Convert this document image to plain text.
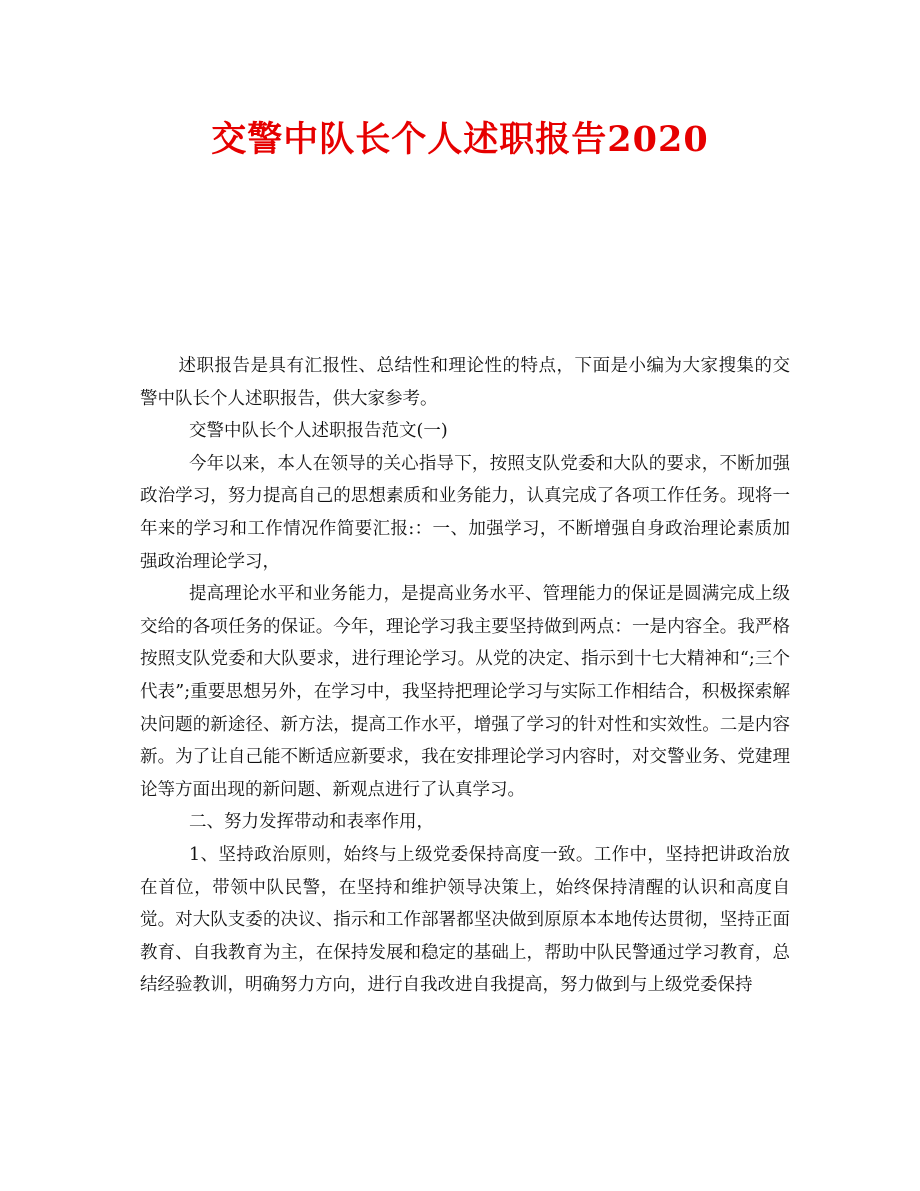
交警中队长个人述职报告2020

述职报告是具有汇报性、总结性和理论性的特点，下面是小编为大家搜集的交警中队长个人述职报告，供大家参考。

交警中队长个人述职报告范文(一)

今年以来，本人在领导的关心指导下，按照支队党委和大队的要求，不断加强政治学习，努力提高自己的思想素质和业务能力，认真完成了各项工作任务。现将一年来的学习和工作情况作简要汇报:：一、加强学习，不断增强自身政治理论素质加强政治理论学习，

提高理论水平和业务能力，是提高业务水平、管理能力的保证是圆满完成上级交给的各项任务的保证。今年，理论学习我主要坚持做到两点：一是内容全。我严格按照支队党委和大队要求，进行理论学习。从党的决定、指示到十七大精神和“;三个代表”;重要思想另外，在学习中，我坚持把理论学习与实际工作相结合，积极探索解决问题的新途径、新方法，提高工作水平，增强了学习的针对性和实效性。二是内容新。为了让自己能不断适应新要求，我在安排理论学习内容时，对交警业务、党建理论等方面出现的新问题、新观点进行了认真学习。

二、努力发挥带动和表率作用，

1、坚持政治原则，始终与上级党委保持高度一致。工作中，坚持把讲政治放在首位，带领中队民警，在坚持和维护领导决策上，始终保持清醒的认识和高度自觉。对大队支委的决议、指示和工作部署都坚决做到原原本本地传达贯彻，坚持正面教育、自我教育为主，在保持发展和稳定的基础上，帮助中队民警通过学习教育，总结经验教训，明确努力方向，进行自我改进自我提高，努力做到与上级党委保持
